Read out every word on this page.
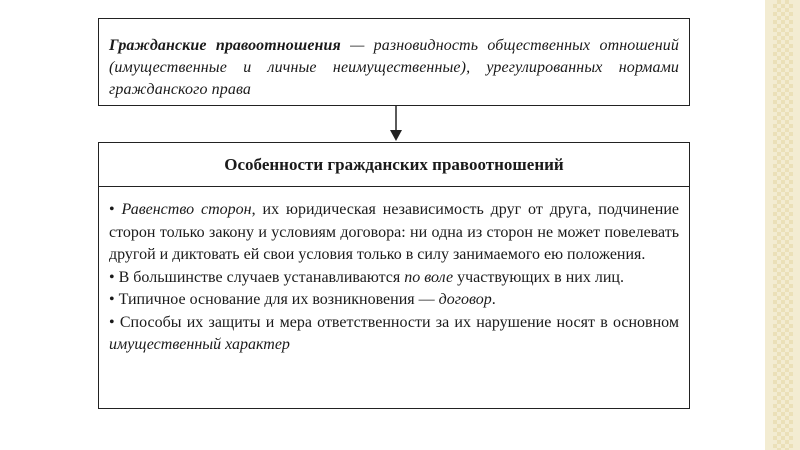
Гражданские правоотношения — разновидность общественных отношений (имущественные и личные неимущественные), урегулированных нормами гражданского права
Особенности гражданских правоотношений

• Равенство сторон, их юридическая независимость друг от друга, подчинение сторон только закону и условиям договора: ни одна из сторон не может повелевать другой и диктовать ей свои условия только в силу занимаемого ею положения.

• В большинстве случаев устанавливаются по воле участвующих в них лиц.

• Типичное основание для их возникновения — договор.

• Способы их защиты и мера ответственности за их нарушение носят в основном имущественный характер
